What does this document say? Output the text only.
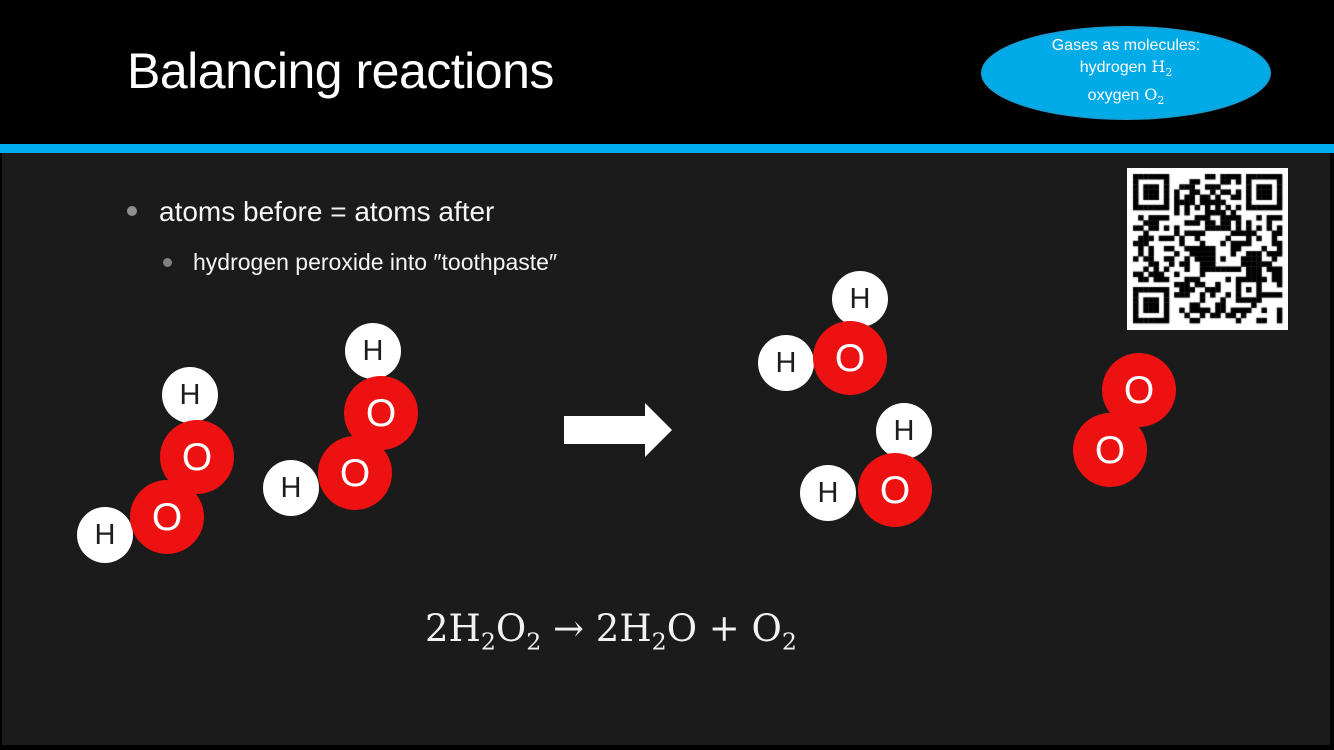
Balancing reactions	Gases as molecules:
hydrogen $H_2$
oxygen $O_2$
atoms before = atoms after
hydrogen peroxide into ″toothpaste″
H
H
O
O
H
H
O
O
H
H
O
H
H
O
O
O
$2H_2O_2 \to 2H_2O + O_2$
